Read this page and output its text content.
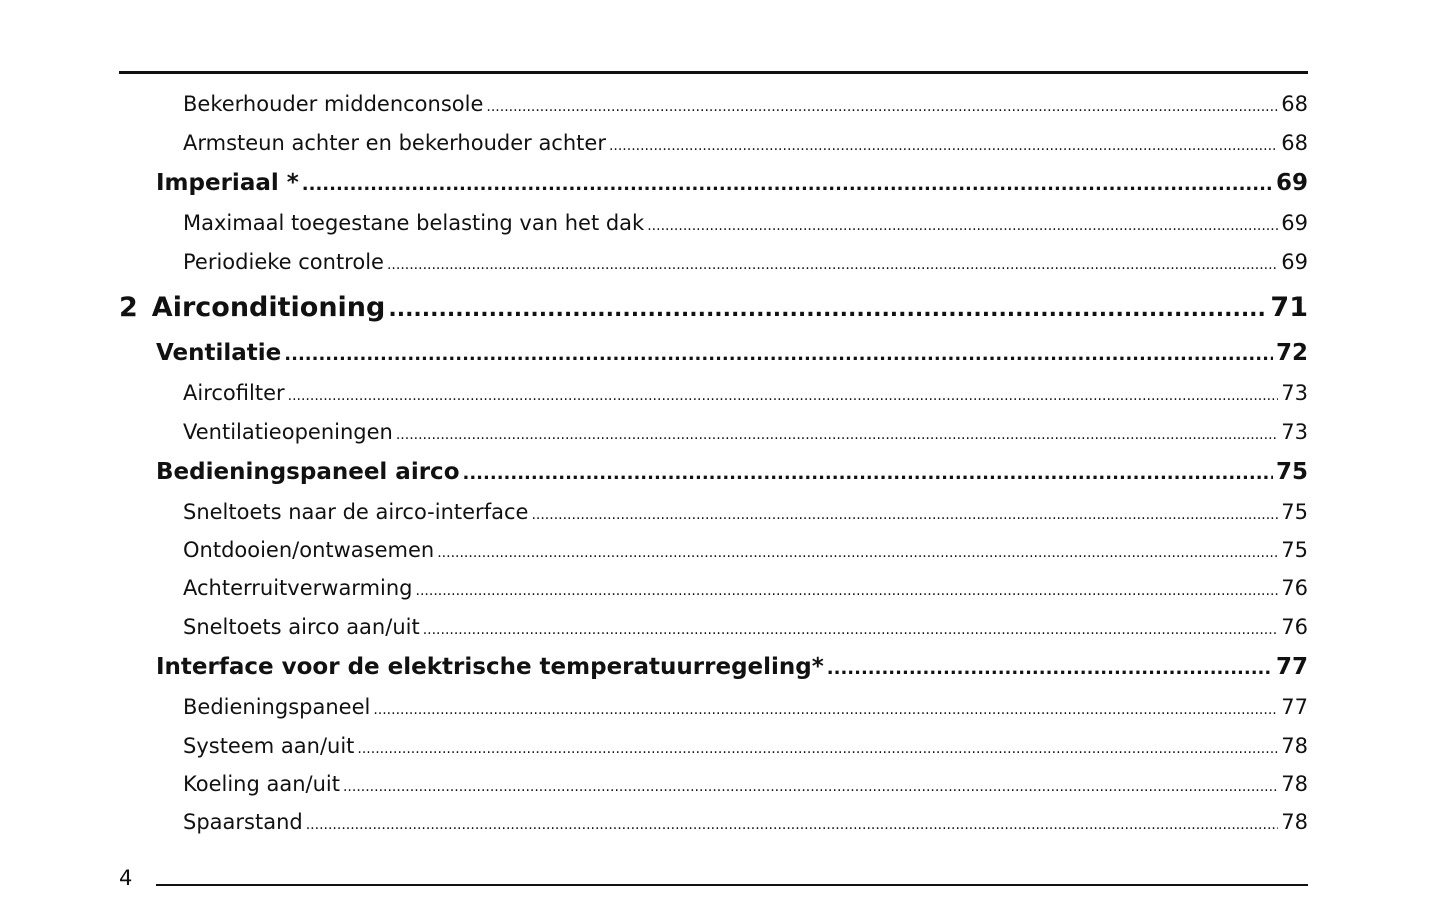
Bekerhouder middenconsole .....	68
Armsteun achter en bekerhouder achter .....	68
Imperiaal * .....	69
Maximaal toegestane belasting van het dak .....	69
Periodieke controle .....	69
2 Airconditioning .....	71
Ventilatie .....	72
Aircofilter .....	73
Ventilatieopeningen .....	73
Bedieningspaneel airco .....	75
Sneltoets naar de airco-interface .....	75
Ontdooien/ontwasemen .....	75
Achterruitverwarming .....	76
Sneltoets airco aan/uit .....	76
Interface voor de elektrische temperatuurregeling* .....	77
Bedieningspaneel .....	77
Systeem aan/uit .....	78
Koeling aan/uit .....	78
Spaarstand .....	78
4
